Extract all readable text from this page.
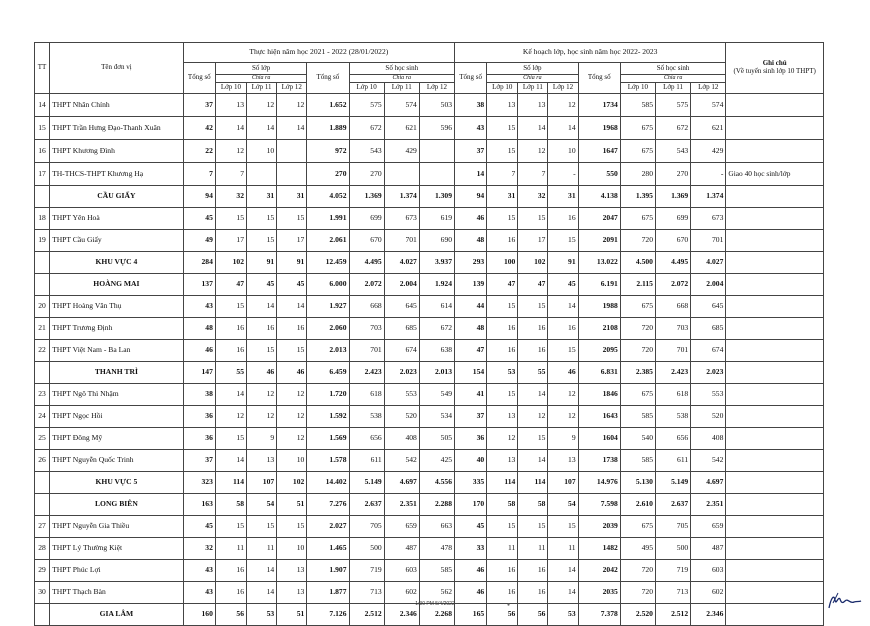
TT	Tên đơn vị	Thực hiện năm học 2021 - 2022 (28/01/2022)								Kế hoạch lớp, học sinh năm học 2022- 2023								Ghi chú
(Về tuyển sinh lớp 10 THPT)

		Tổng số	Số lớp			Tổng số	Số học sinh			Tổng số	Số lớp			Tổng số	Số học sinh			
			Chia ra				Chia ra				Chia ra				Chia ra			
			Lớp 10	Lớp 11	Lớp 12		Lớp 10	Lớp 11	Lớp 12		Lớp 10	Lớp 11	Lớp 12		Lớp 10	Lớp 11	Lớp 12	
14	THPT Nhân Chính	37	13	12	12	1.652	575	574	503	38	13	13	12	1734	585	575	574	
15	THPT Trần Hưng Đạo-Thanh Xuân	42	14	14	14	1.889	672	621	596	43	15	14	14	1968	675	672	621	
16	THPT Khương Đình	22	12	10		972	543	429		37	15	12	10	1647	675	543	429	
17	TH-THCS-THPT Khương Hạ	7	7			270	270			14	7	7	-	550	280	270	-	Giao 40 học sinh/lớp
	CẦU GIẤY	94	32	31	31	4.052	1.369	1.374	1.309	94	31	32	31	4.138	1.395	1.369	1.374	
18	THPT Yên Hoà	45	15	15	15	1.991	699	673	619	46	15	15	16	2047	675	699	673	
19	THPT Cầu Giấy	49	17	15	17	2.061	670	701	690	48	16	17	15	2091	720	670	701	
	KHU VỰC 4	284	102	91	91	12.459	4.495	4.027	3.937	293	100	102	91	13.022	4.500	4.495	4.027	
	HOÀNG MAI	137	47	45	45	6.000	2.072	2.004	1.924	139	47	47	45	6.191	2.115	2.072	2.004	
20	THPT Hoàng Văn Thụ	43	15	14	14	1.927	668	645	614	44	15	15	14	1988	675	668	645	
21	THPT Trương Định	48	16	16	16	2.060	703	685	672	48	16	16	16	2108	720	703	685	
22	THPT Việt Nam - Ba Lan	46	16	15	15	2.013	701	674	638	47	16	16	15	2095	720	701	674	
	THANH TRÌ	147	55	46	46	6.459	2.423	2.023	2.013	154	53	55	46	6.831	2.385	2.423	2.023	
23	THPT Ngô Thì Nhậm	38	14	12	12	1.720	618	553	549	41	15	14	12	1846	675	618	553	
24	THPT Ngọc Hồi	36	12	12	12	1.592	538	520	534	37	13	12	12	1643	585	538	520	
25	THPT Đông Mỹ	36	15	9	12	1.569	656	408	505	36	12	15	9	1604	540	656	408	
26	THPT Nguyễn Quốc Trinh	37	14	13	10	1.578	611	542	425	40	13	14	13	1738	585	611	542	
	KHU VỰC 5	323	114	107	102	14.402	5.149	4.697	4.556	335	114	114	107	14.976	5.130	5.149	4.697	
	LONG BIÊN	163	58	54	51	7.276	2.637	2.351	2.288	170	58	58	54	7.598	2.610	2.637	2.351	
27	THPT Nguyễn Gia Thiều	45	15	15	15	2.027	705	659	663	45	15	15	15	2039	675	705	659	
28	THPT Lý Thường Kiệt	32	11	11	10	1.465	500	487	478	33	11	11	11	1482	495	500	487	
29	THPT Phúc Lợi	43	16	14	13	1.907	719	603	585	46	16	16	14	2042	720	719	603	
30	THPT Thạch Bàn	43	16	14	13	1.877	713	602	562	46	16	16	14	2035	720	713	602	
	GIA LÂM	160	56	53	51	7.126	2.512	2.346	2.268	165	56	56	53	7.378	2.520	2.512	2.346	
1:30 PM 5/4/2022	●
